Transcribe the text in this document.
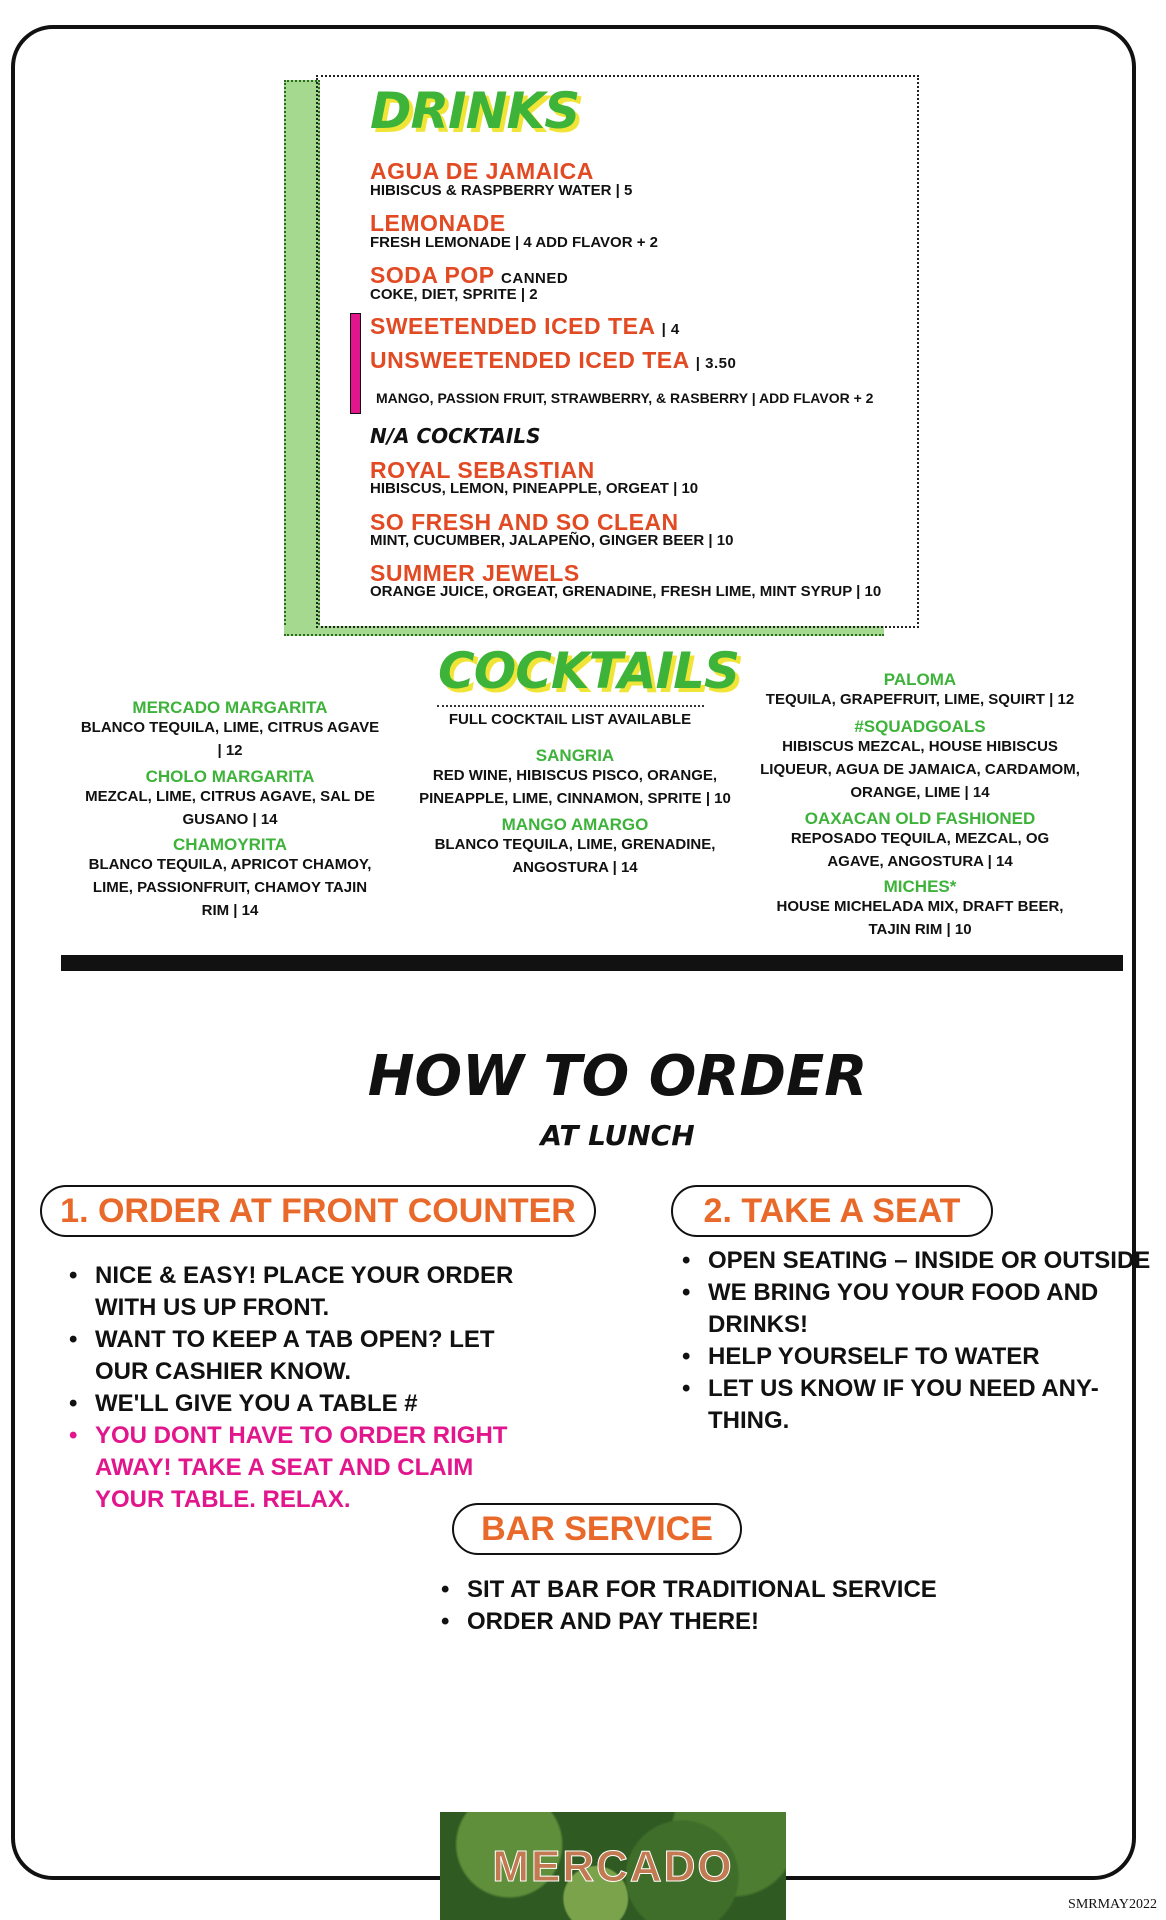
DRINKS
AGUA DE JAMAICA
HIBISCUS & RASPBERRY WATER | 5
LEMONADE
FRESH LEMONADE | 4 ADD FLAVOR + 2
SODA POP CANNED
COKE, DIET, SPRITE | 2
SWEETENDED ICED TEA | 4
UNSWEETENDED ICED TEA | 3.50
MANGO, PASSION FRUIT, STRAWBERRY, & RASBERRY | ADD FLAVOR + 2
N/A COCKTAILS
ROYAL SEBASTIAN
HIBISCUS, LEMON, PINEAPPLE, ORGEAT | 10
SO FRESH AND SO CLEAN
MINT, CUCUMBER, JALAPEÑO, GINGER BEER | 10
SUMMER JEWELS
ORANGE JUICE, ORGEAT, GRENADINE, FRESH LIME, MINT SYRUP | 10
COCKTAILS
FULL COCKTAIL LIST AVAILABLE
MERCADO MARGARITA
BLANCO TEQUILA, LIME, CITRUS AGAVE
| 12
CHOLO MARGARITA
MEZCAL, LIME, CITRUS AGAVE, SAL DE
GUSANO | 14
CHAMOYRITA
BLANCO TEQUILA, APRICOT CHAMOY,
LIME, PASSIONFRUIT, CHAMOY TAJIN
RIM | 14
SANGRIA
RED WINE, HIBISCUS PISCO, ORANGE,
PINEAPPLE, LIME, CINNAMON, SPRITE | 10
MANGO AMARGO
BLANCO TEQUILA, LIME, GRENADINE,
ANGOSTURA | 14
PALOMA
TEQUILA, GRAPEFRUIT, LIME, SQUIRT | 12
#SQUADGOALS
HIBISCUS MEZCAL, HOUSE HIBISCUS
LIQUEUR, AGUA DE JAMAICA, CARDAMOM,
ORANGE, LIME | 14
OAXACAN OLD FASHIONED
REPOSADO TEQUILA, MEZCAL, OG
AGAVE, ANGOSTURA | 14
MICHES*
HOUSE MICHELADA MIX, DRAFT BEER,
TAJIN RIM | 10
HOW TO ORDER
AT LUNCH
1. ORDER AT FRONT COUNTER	2. TAKE A SEAT
• NICE & EASY! PLACE YOUR ORDER
WITH US UP FRONT.
• WANT TO KEEP A TAB OPEN? LET
OUR CASHIER KNOW.
• WE'LL GIVE YOU A TABLE #
• YOU DONT HAVE TO ORDER RIGHT
AWAY! TAKE A SEAT AND CLAIM
YOUR TABLE. RELAX.
• OPEN SEATING – INSIDE OR OUTSIDE
• WE BRING YOU YOUR FOOD AND
DRINKS!
• HELP YOURSELF TO WATER
• LET US KNOW IF YOU NEED ANY-
THING.
BAR SERVICE
• SIT AT BAR FOR TRADITIONAL SERVICE
• ORDER AND PAY THERE!
MERCADO
SMRMAY2022
